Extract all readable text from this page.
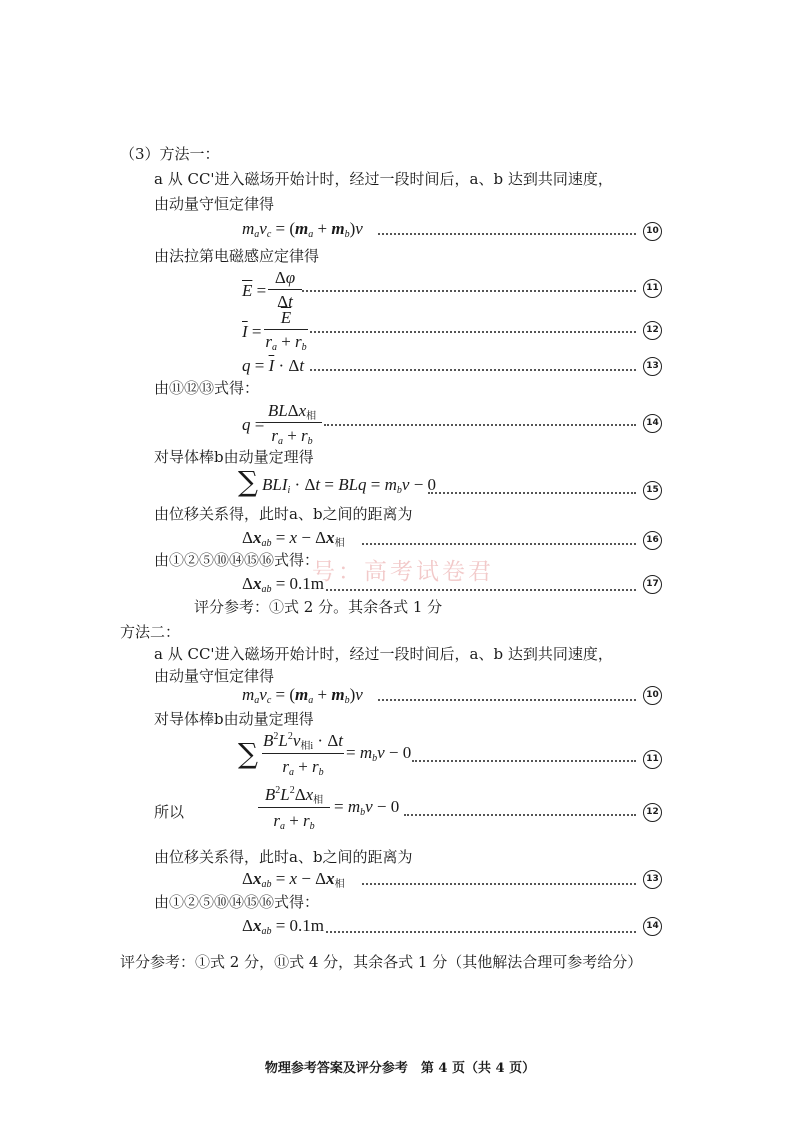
（3）方法一：
a 从 CC'进入磁场开始计时，经过一段时间后，a、b 达到共同速度，
由动量守恒定律得
$m_av_c = (m_a + m_b)v$	10
由法拉第电磁感应定律得
$\overline{E}$ =
Δφ
Δt
11
$\overline{I}$ =
$\overline{E}$
$r_a + r_b$
12
$q = \overline{I} \cdot \Delta t$	13
由⑪⑫⑬式得：
q =
BLΔx$_相$
$r_a + r_b$
14
对导体棒b由动量定理得
∑ $BLI_i \cdot \Delta t$ = BLq = $m_bv - 0$	15
由位移关系得，此时a、b之间的距离为
$\Delta x_{ab} = x - \Delta x_相$	16
由①②⑤⑩⑭⑮⑯式得：
号：高考试卷君
$\Delta x_{ab} = 0.1m$	17
评分参考：①式 2 分。其余各式 1 分
方法二：
a 从 CC'进入磁场开始计时，经过一段时间后，a、b 达到共同速度，
由动量守恒定律得
$m_av_c = (m_a + m_b)v$	10
对导体棒b由动量定理得
∑ $B^2L^2v_{相i} \cdot \Delta t$
$r_a + r_b$
= $m_bv - 0$	11
所以
$B^2L^2\Delta x_相$
$r_a + r_b$
= $m_bv - 0$	12
由位移关系得，此时a、b之间的距离为
$\Delta x_{ab} = x - \Delta x_相$	13
由①②⑤⑩⑭⑮⑯式得：
$\Delta x_{ab} = 0.1m$	14
评分参考：①式 2 分，⑪式 4 分，其余各式 1 分（其他解法合理可参考给分）
物理参考答案及评分参考　第 4 页（共 4 页）
